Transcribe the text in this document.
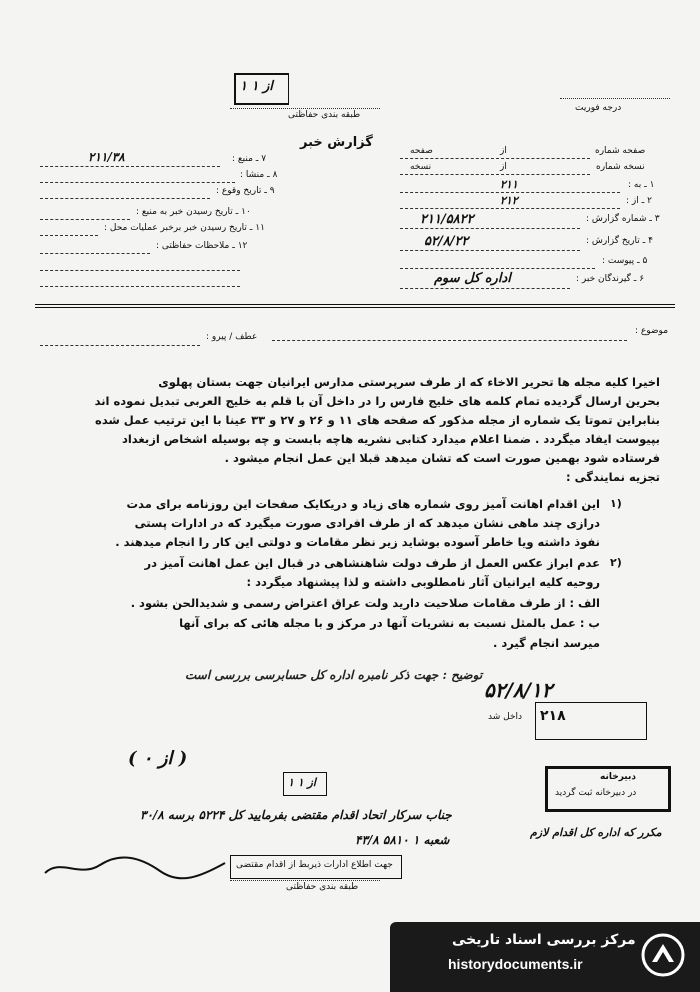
۱ از ۱
طبقه بندی حفاظتی
درجه فوریت
گزارش خبر
۷ ـ منبع :
۲۱۱/۳۸
۸ ـ منشا :
۹ ـ تاریخ وقوع :
۱۰ ـ تاریخ رسیدن خبر به منبع :
۱۱ ـ تاریخ رسیدن خبر برخبر عملیات محل :
۱۲ ـ ملاحظات حفاظتی :
صفحه شماره
از
صفحه
نسخه شماره
از
نسخه
۱ ـ به :
۲۱۱
۲ ـ از :
۲۱۲
۳ ـ شماره گزارش :
۲۱۱/۵۸۲۲
۴ ـ تاریخ گزارش :
۵۲/۸/۲۲
۵ ـ پیوست :
۶ ـ گیرندگان خبر :
اداره کل سوم
موضوع :
عطف / پیرو :
اخیرا کلیه مجله ها تحریر الاخاء که از طرف سرپرستی مدارس ایرانیان جهت بستان پهلوی
بحرین ارسال گردیده تمام کلمه های خلیج فارس را در داخل آن با قلم به خلیج العربی تبدیل نموده اند
بنابراین تموتا یک شماره از مجله مذکور که صفحه های ۱۱ و ۲۶ و ۲۷ و ۳۳ عینا با این ترتیب عمل شده
بپیوست ایفاد میگردد . ضمنا اعلام میدارد کتابی نشریه هاچه بابست و چه بوسیله اشخاص ازبغداد
فرستاده شود بهمین صورت است که تشان میدهد قبلا این عمل انجام میشود .
تجزیه نمایندگی :
۱)
این اقدام اهانت آمیز روی شماره های زیاد و دریکایک صفحات این روزنامه برای مدت
درازی چند ماهی نشان میدهد که از طرف افرادی صورت میگیرد که در ادارات پستی
نفوذ داشته ویا خاطر آسوده بوشاید زیر نظر مقامات و دولتی این کار را انجام میدهند .
۲)
عدم ابراز عکس العمل از طرف دولت شاهنشاهی در قبال این عمل اهانت آمیز در
روحیه کلیه ایرانیان آثار نامطلوبی داشته و لذا پیشنهاد میگردد :
الف : از طرف مقامات صلاحیت دارید ولت عراق اعتراض رسمی و شدیدالحن بشود .
ب : عمل بالمثل نسبت به نشریات آنها در مرکز و با مجله هائی که برای آنها
میرسد انجام گیرد .
توضیح : جهت ذکر نامبره اداره کل حسابرسی بررسی است
۵۲/۸/۱۲
داخل شد ۲۱۸
( از ۰ )
۱ از ۱	دبیرخانه
در دبیرخانه ثبت گردید
جناب سرکار اتحاد اقدام مقتضی بفرمایید کل ۵۲۲۴ برسه ۳۰/۸
شعبه ۱ ۵۸۱۰ ۴۳/۸
مکرر که اداره کل اقدام لازم
جهت اطلاع ادارات ذیربط از اقدام مقتضی
طبقه بندی حفاظتی
مرکز بررسی اسناد تاریخی
historydocuments.ir
